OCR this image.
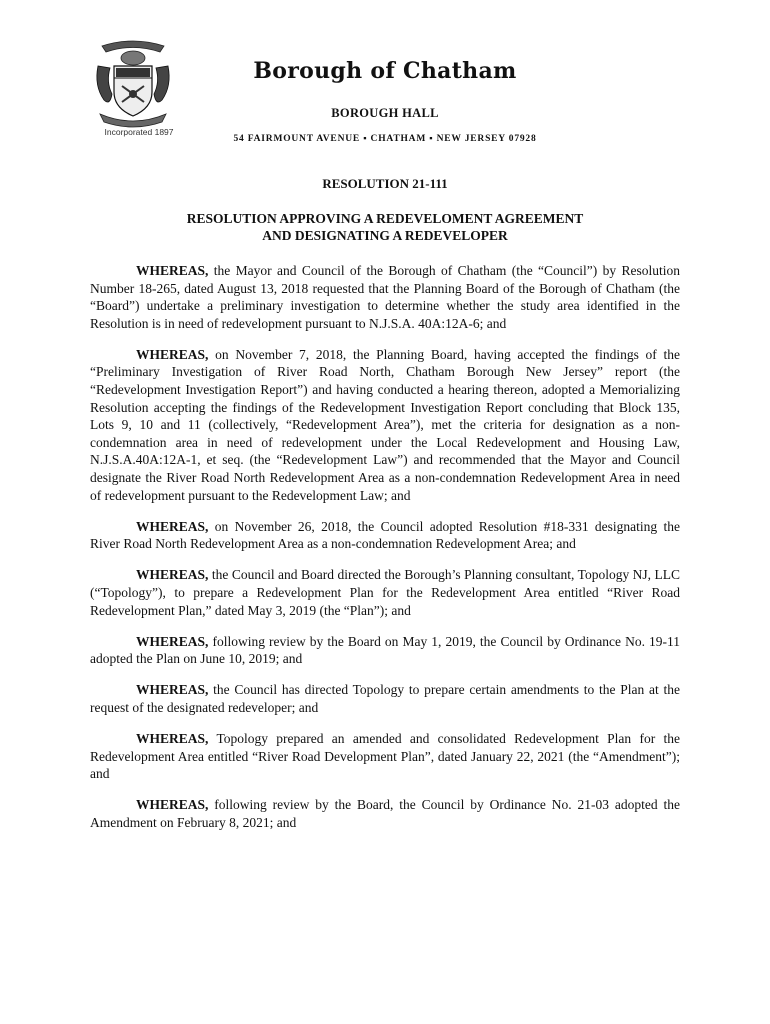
Incorporated 1897
Borough of Chatham
BOROUGH HALL
54 FAIRMOUNT AVENUE ▪ CHATHAM ▪ NEW JERSEY 07928
RESOLUTION 21-111
RESOLUTION APPROVING A REDEVELOMENT AGREEMENT
AND DESIGNATING A REDEVELOPER

WHEREAS, the Mayor and Council of the Borough of Chatham (the “Council”) by Resolution Number 18-265, dated August 13, 2018 requested that the Planning Board of the Borough of Chatham (the “Board”) undertake a preliminary investigation to determine whether the study area identified in the Resolution is in need of redevelopment pursuant to N.J.S.A. 40A:12A-6; and

WHEREAS, on November 7, 2018, the Planning Board, having accepted the findings of the “Preliminary Investigation of River Road North, Chatham Borough New Jersey” report (the “Redevelopment Investigation Report”) and having conducted a hearing thereon, adopted a Memorializing Resolution accepting the findings of the Redevelopment Investigation Report concluding that Block 135, Lots 9, 10 and 11 (collectively, “Redevelopment Area”), met the criteria for designation as a non-condemnation area in need of redevelopment under the Local Redevelopment and Housing Law, N.J.S.A.40A:12A-1, et seq. (the “Redevelopment Law”) and recommended that the Mayor and Council designate the River Road North Redevelopment Area as a non-condemnation Redevelopment Area in need of redevelopment pursuant to the Redevelopment Law; and

WHEREAS, on November 26, 2018, the Council adopted Resolution #18-331 designating the River Road North Redevelopment Area as a non-condemnation Redevelopment Area; and

WHEREAS, the Council and Board directed the Borough’s Planning consultant, Topology NJ, LLC (“Topology”), to prepare a Redevelopment Plan for the Redevelopment Area entitled “River Road Redevelopment Plan,” dated May 3, 2019 (the “Plan”); and

WHEREAS, following review by the Board on May 1, 2019, the Council by Ordinance No. 19-11 adopted the Plan on June 10, 2019; and

WHEREAS, the Council has directed Topology to prepare certain amendments to the Plan at the request of the designated redeveloper; and

WHEREAS, Topology prepared an amended and consolidated Redevelopment Plan for the Redevelopment Area entitled “River Road Development Plan”, dated January 22, 2021 (the “Amendment”); and

WHEREAS, following review by the Board, the Council by Ordinance No. 21-03 adopted the Amendment on February 8, 2021; and
